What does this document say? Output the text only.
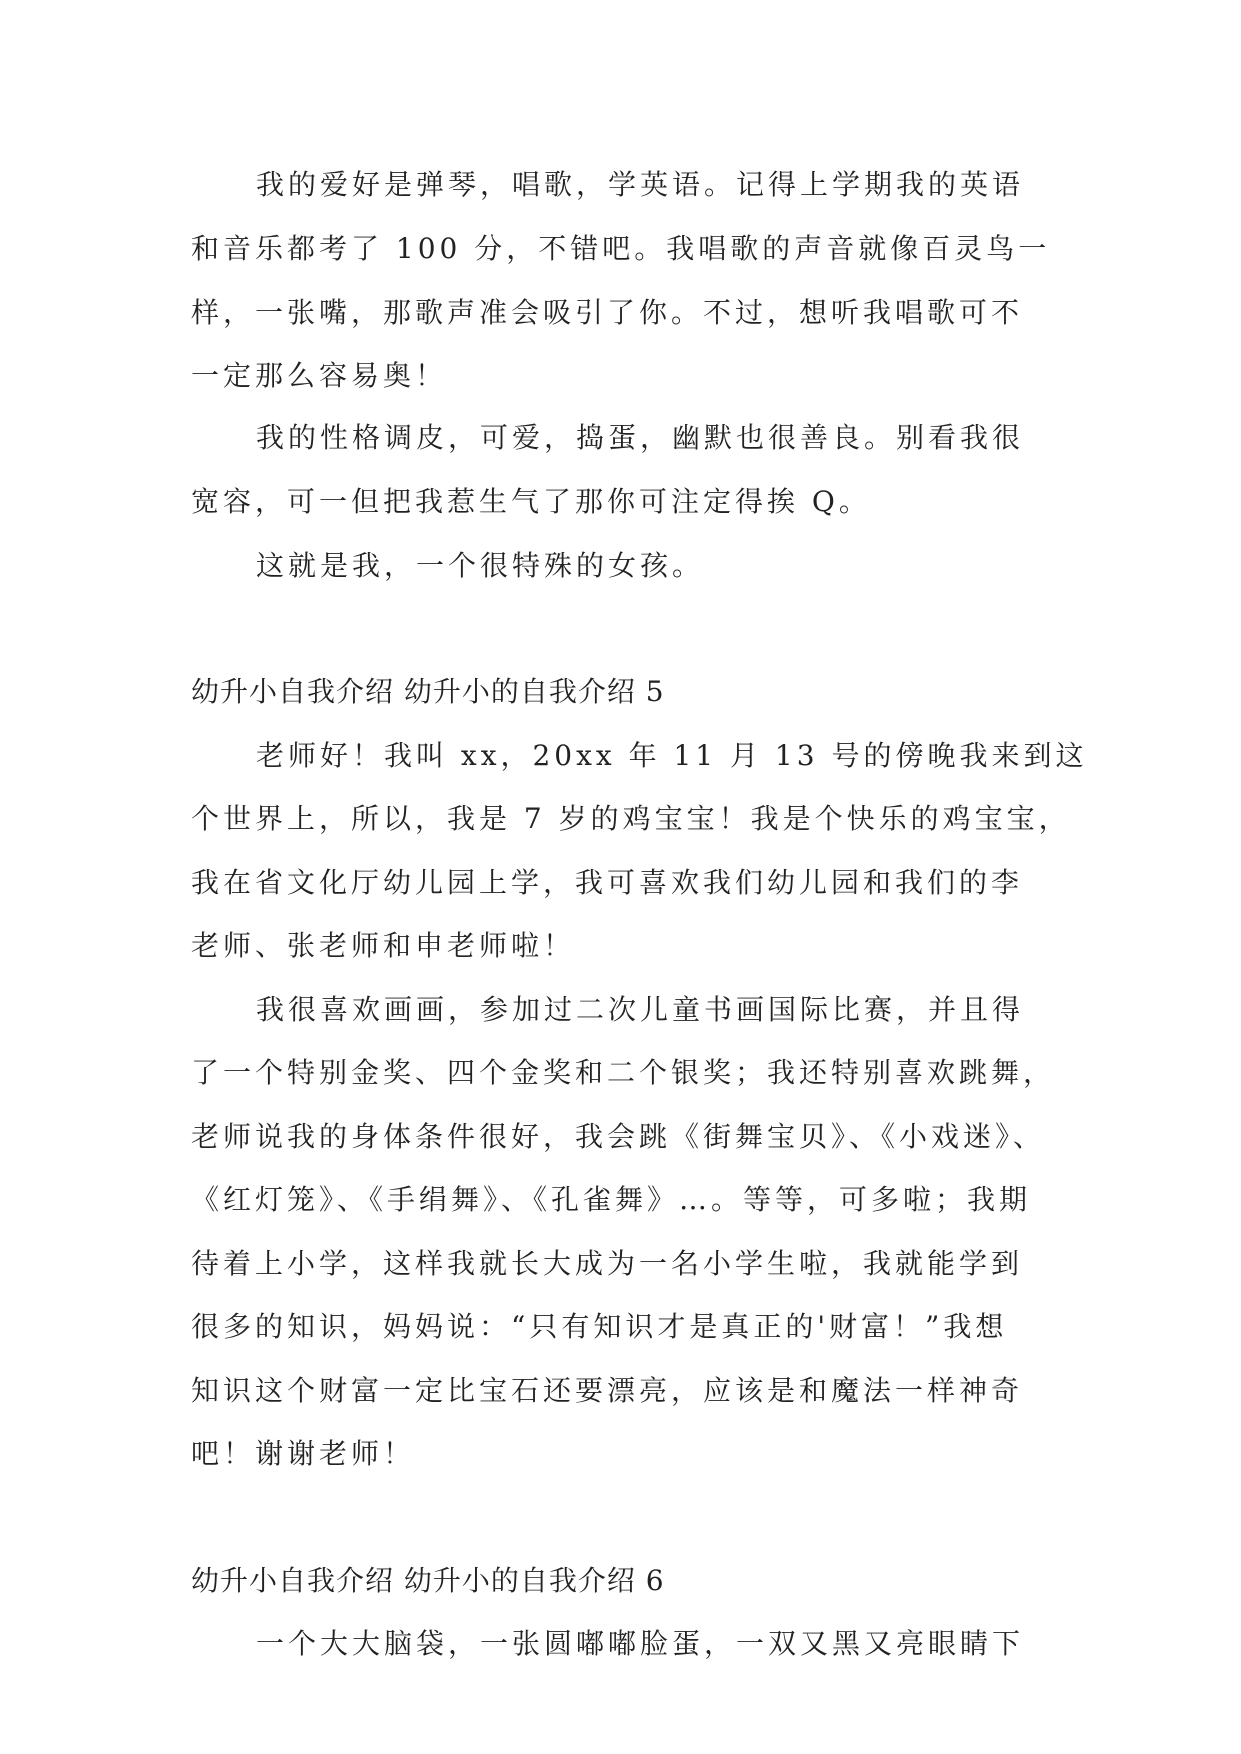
我的爱好是弹琴，唱歌，学英语。记得上学期我的英语
和音乐都考了 100 分，不错吧。我唱歌的声音就像百灵鸟一
样，一张嘴，那歌声准会吸引了你。不过，想听我唱歌可不
一定那么容易奥！
我的性格调皮，可爱，捣蛋，幽默也很善良。别看我很
宽容，可一但把我惹生气了那你可注定得挨 Q。
这就是我，一个很特殊的女孩。
幼升小自我介绍 幼升小的自我介绍 5
老师好！我叫 xx，20xx 年 11 月 13 号的傍晚我来到这
个世界上，所以，我是 7 岁的鸡宝宝！我是个快乐的鸡宝宝，
我在省文化厅幼儿园上学，我可喜欢我们幼儿园和我们的李
老师、张老师和申老师啦！
我很喜欢画画，参加过二次儿童书画国际比赛，并且得
了一个特别金奖、四个金奖和二个银奖；我还特别喜欢跳舞，
老师说我的身体条件很好，我会跳《街舞宝贝》、《小戏迷》、
《红灯笼》、《手绢舞》、《孔雀舞》…。等等，可多啦；我期
待着上小学，这样我就长大成为一名小学生啦，我就能学到
很多的知识，妈妈说：“只有知识才是真正的'财富！”我想
知识这个财富一定比宝石还要漂亮，应该是和魔法一样神奇
吧！谢谢老师！
幼升小自我介绍 幼升小的自我介绍 6
一个大大脑袋，一张圆嘟嘟脸蛋，一双又黑又亮眼睛下
